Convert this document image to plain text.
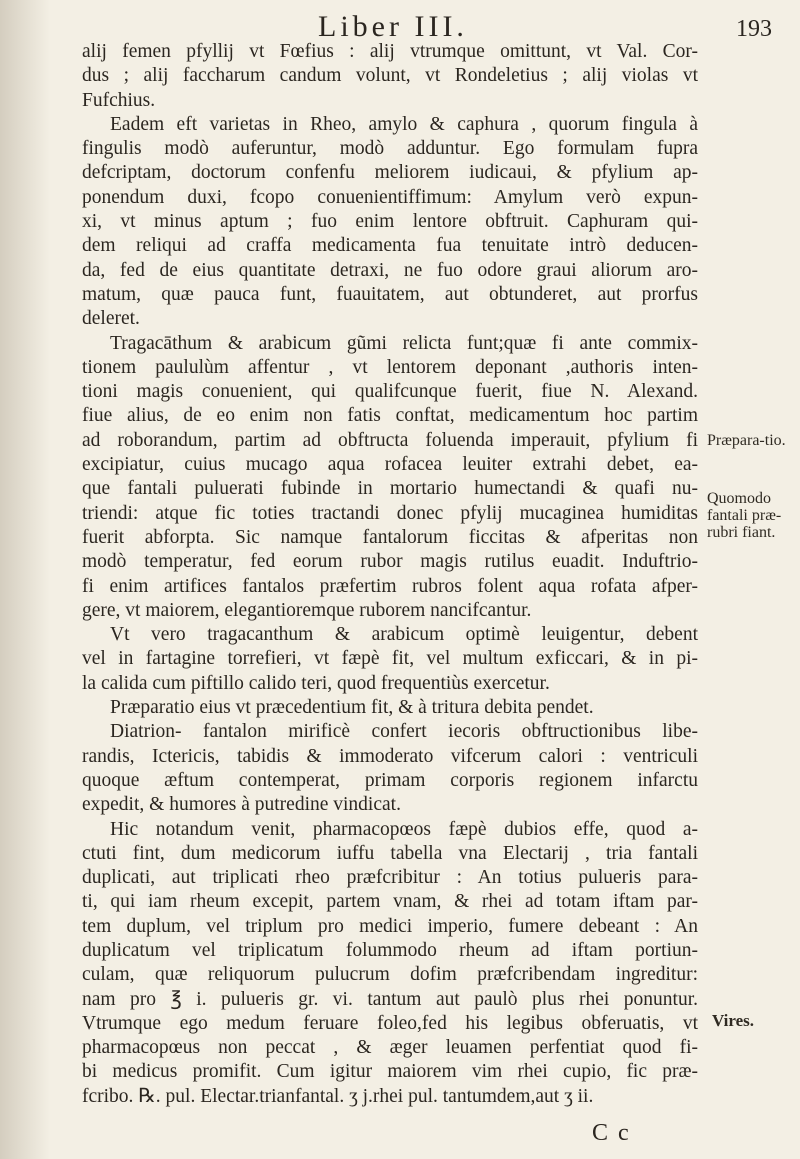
Liber III.	193
alij femen pfyllij vt Fœfius : alij vtrumque omittunt, vt Val. Cor-
dus ; alij faccharum candum volunt, vt Rondeletius ; alij violas vt
Fufchius.
Eadem eft varietas in Rheo, amylo & caphura , quorum fingula à
fingulis modò auferuntur, modò adduntur. Ego formulam fupra
defcriptam, doctorum confenfu meliorem iudicaui, & pfylium ap-
ponendum duxi, fcopo conuenientiffimum: Amylum verò expun-
xi, vt minus aptum ; fuo enim lentore obftruit. Caphuram qui-
dem reliqui ad craffa medicamenta fua tenuitate intrò deducen-
da, fed de eius quantitate detraxi, ne fuo odore graui aliorum aro-
matum, quæ pauca funt, fuauitatem, aut obtunderet, aut prorfus
deleret.
Tragacāthum & arabicum gũmi relicta funt;quæ fi ante commix-
tionem paululùm affentur , vt lentorem deponant ,authoris inten-
tioni magis conuenient, qui qualifcunque fuerit, fiue N. Alexand.
fiue alius, de eo enim non fatis conftat, medicamentum hoc partim
ad roborandum, partim ad obftructa foluenda imperauit, pfylium fi
excipiatur, cuius mucago aqua rofacea leuiter extrahi debet, ea-
que fantali puluerati fubinde in mortario humectandi & quafi nu-
triendi: atque fic toties tractandi donec pfylij mucaginea humiditas
fuerit abforpta. Sic namque fantalorum ficcitas & afperitas non
modò temperatur, fed eorum rubor magis rutilus euadit. Induftrio-
fi enim artifices fantalos præfertim rubros folent aqua rofata afper-
gere, vt maiorem, elegantioremque ruborem nancifcantur.
Vt vero tragacanthum & arabicum optimè leuigentur, debent
vel in fartagine torrefieri, vt fæpè fit, vel multum exficcari, & in pi-
la calida cum piftillo calido teri, quod frequentiùs exercetur.
Præparatio eius vt præcedentium fit, & à tritura debita pendet.
Diatrion- fantalon mirificè confert iecoris obftructionibus libe-
randis, Ictericis, tabidis & immoderato vifcerum calori : ventriculi
quoque æftum contemperat, primam corporis regionem infarctu
expedit, & humores à putredine vindicat.
Hic notandum venit, pharmacopœos fæpè dubios effe, quod a-
ctuti fint, dum medicorum iuffu tabella vna Electarij , tria fantali
duplicati, aut triplicati rheo præfcribitur : An totius pulueris para-
ti, qui iam rheum excepit, partem vnam, & rhei ad totam iftam par-
tem duplum, vel triplum pro medici imperio, fumere debeant : An
duplicatum vel triplicatum folummodo rheum ad iftam portiun-
culam, quæ reliquorum pulucrum dofim præfcribendam ingreditur:
nam pro ℥ i. pulueris gr. vi. tantum aut paulò plus rhei ponuntur.
Vtrumque ego medum feruare foleo,fed his legibus obferuatis, vt
pharmacopœus non peccat , & æger leuamen perfentiat quod fi-
bi medicus promifit. Cum igitur maiorem vim rhei cupio, fic præ-
fcribo. ℞. pul. Electar.trianfantal. ʒ j.rhei pul. tantumdem,aut ʒ ii.
Præpara-tio.
Quomodo fantali præ-rubri fiant.
Vires.
C c
